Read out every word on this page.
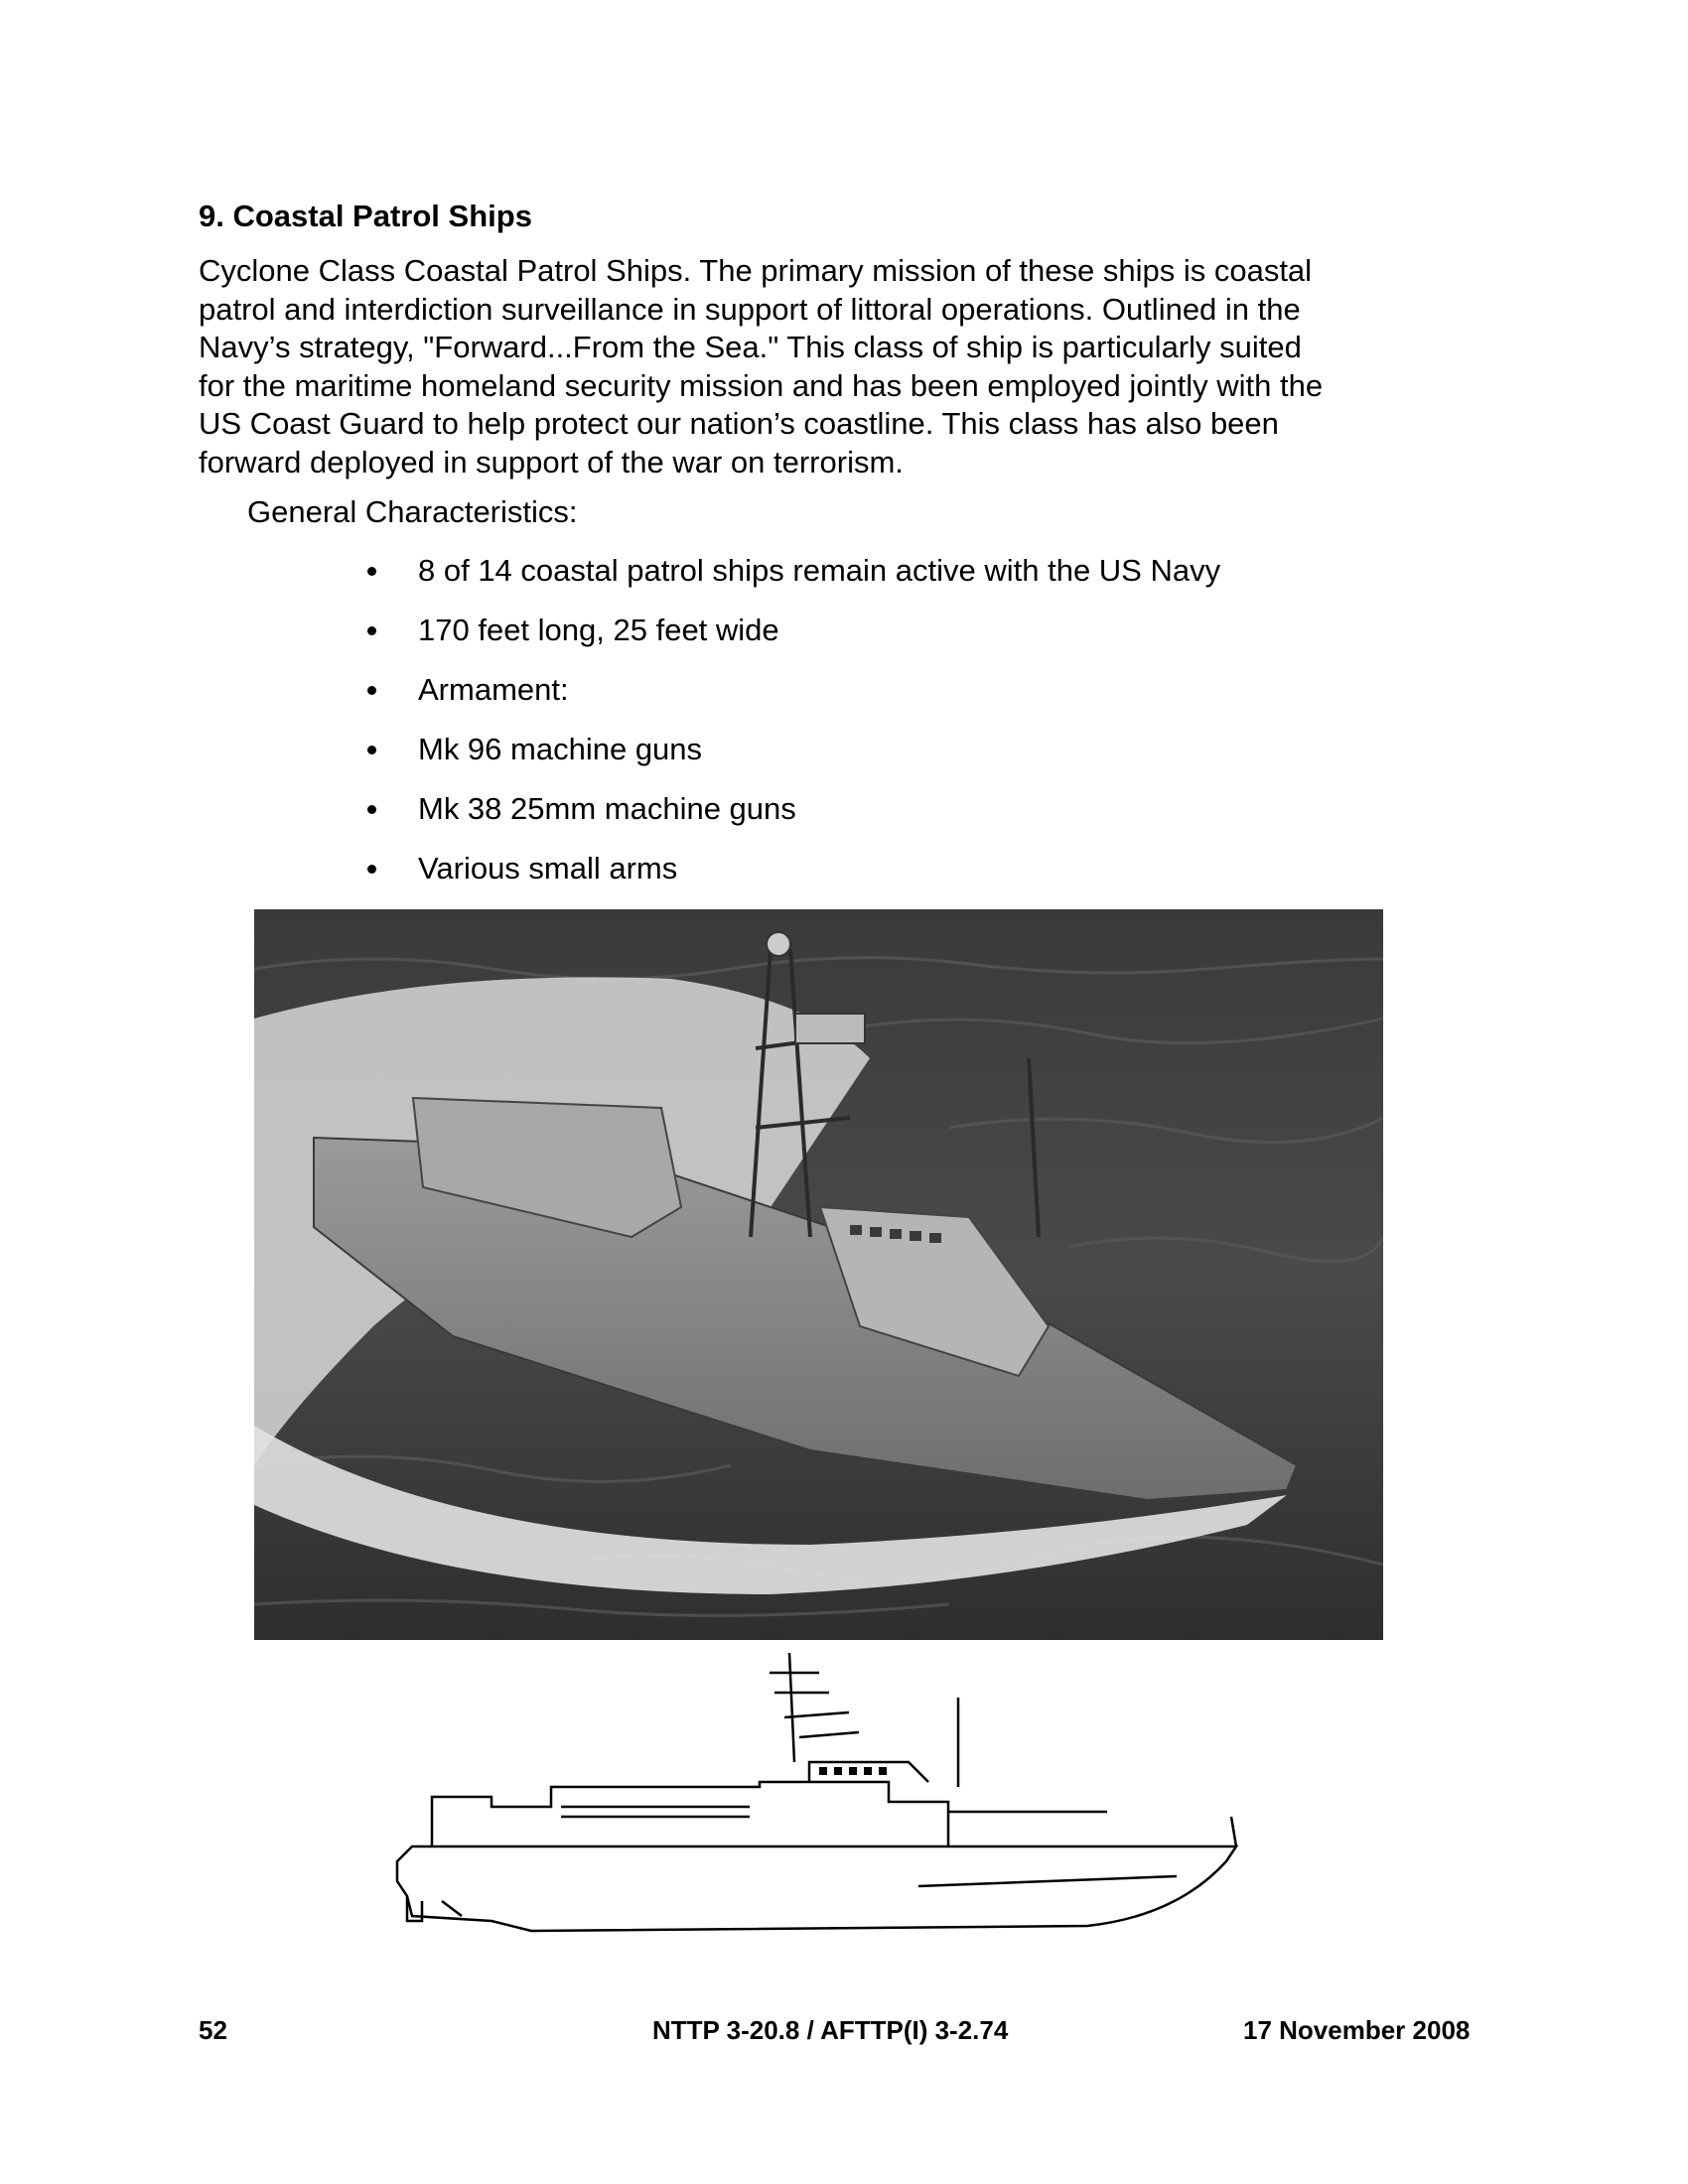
9. Coastal Patrol Ships
Cyclone Class Coastal Patrol Ships. The primary mission of these ships is coastal
patrol and interdiction surveillance in support of littoral operations. Outlined in the
Navy’s strategy, "Forward...From the Sea." This class of ship is particularly suited
for the maritime homeland security mission and has been employed jointly with the
US Coast Guard to help protect our nation’s coastline. This class has also been
forward deployed in support of the war on terrorism.
General Characteristics:
8 of 14 coastal patrol ships remain active with the US Navy
170 feet long, 25 feet wide
Armament:
Mk 96 machine guns
Mk 38 25mm machine guns
Various small arms
52	NTTP 3-20.8 / AFTTP(I) 3-2.74	17 November 2008
